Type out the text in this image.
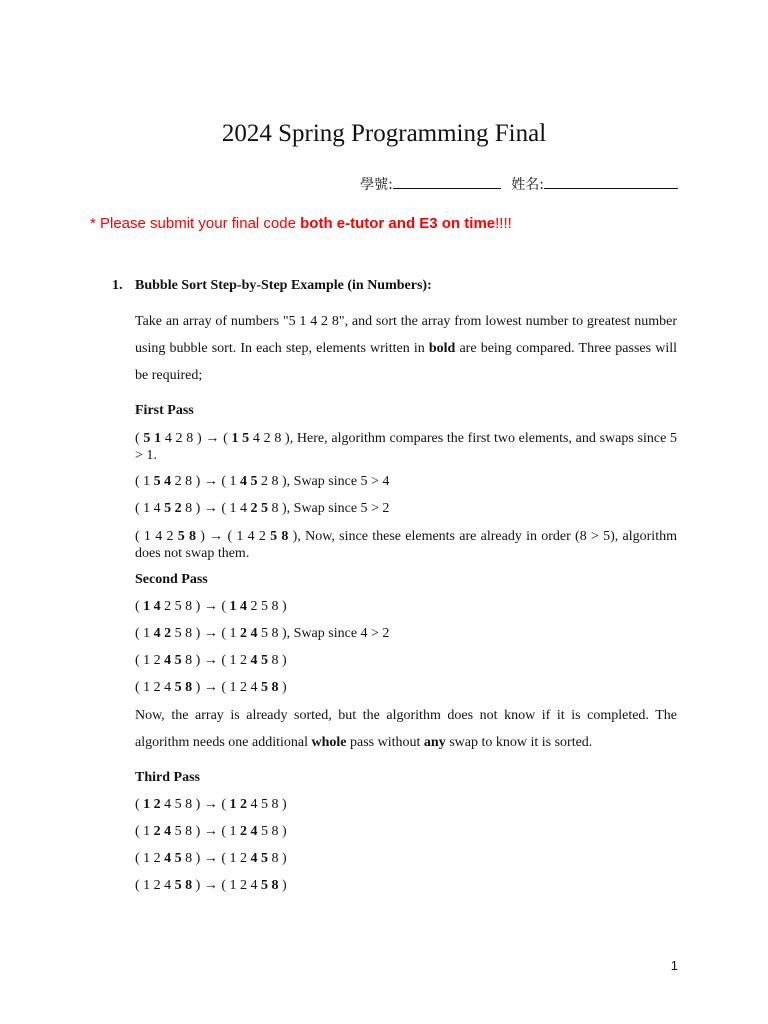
2024 Spring Programming Final
學號:	姓名:
* Please submit your final code both e-tutor and E3 on time!!!!
1. Bubble Sort Step-by-Step Example (in Numbers):
Take an array of numbers "5 1 4 2 8", and sort the array from lowest number to greatest number using bubble sort. In each step, elements written in bold are being compared. Three passes will be required;
First Pass
( 5 1 4 2 8 ) → ( 1 5 4 2 8 ), Here, algorithm compares the first two elements, and swaps since 5 > 1.
( 1 5 4 2 8 ) → ( 1 4 5 2 8 ), Swap since 5 > 4
( 1 4 5 2 8 ) → ( 1 4 2 5 8 ), Swap since 5 > 2
( 1 4 2 5 8 ) → ( 1 4 2 5 8 ), Now, since these elements are already in order (8 > 5), algorithm does not swap them.
Second Pass
( 1 4 2 5 8 ) → ( 1 4 2 5 8 )
( 1 4 2 5 8 ) → ( 1 2 4 5 8 ), Swap since 4 > 2
( 1 2 4 5 8 ) → ( 1 2 4 5 8 )
( 1 2 4 5 8 ) → ( 1 2 4 5 8 )
Now, the array is already sorted, but the algorithm does not know if it is completed. The algorithm needs one additional whole pass without any swap to know it is sorted.
Third Pass
( 1 2 4 5 8 ) → ( 1 2 4 5 8 )
( 1 2 4 5 8 ) → ( 1 2 4 5 8 )
( 1 2 4 5 8 ) → ( 1 2 4 5 8 )
( 1 2 4 5 8 ) → ( 1 2 4 5 8 )
1
